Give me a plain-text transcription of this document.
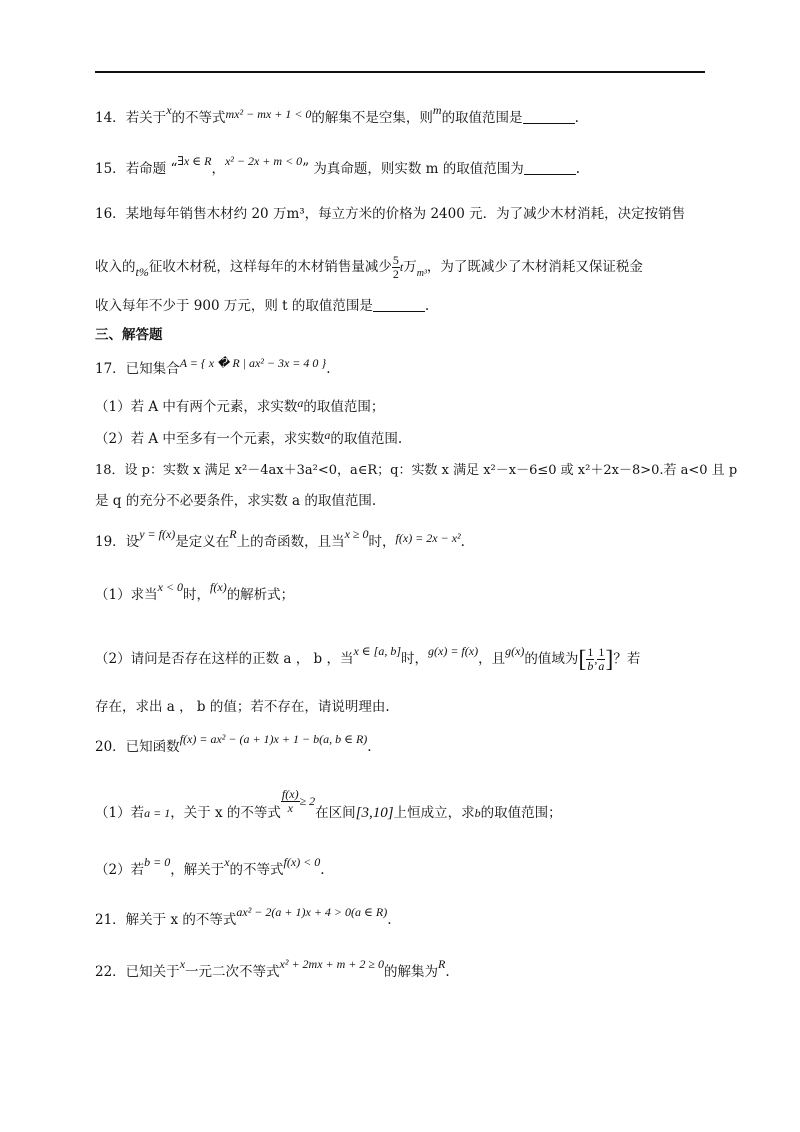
14．若关于x的不等式mx² − mx + 1 < 0的解集不是空集，则m的取值范围是	.
15．若命题 “∃x ∈ R，x² − 2x + m < 0” 为真命题，则实数 m 的取值范围为	.
16．某地每年销售木材约 20 万m³，每立方米的价格为 2400 元．为了减少木材消耗，决定按销售
收入的t%征收木材税，这样每年的木材销售量减少 $\frac{5}{2}$ t万$_{m^3}$，为了既减少了木材消耗又保证税金
收入每年不少于 900 万元，则 t 的取值范围是	.
三、解答题
17．已知集合A = { x � R | ax² − 3x = 4 0 }.
（1）若 A 中有两个元素，求实数a的取值范围；
（2）若 A 中至多有一个元素，求实数a的取值范围.
18．设 p：实数 x 满足 x²－4ax＋3a²<0，a∈R；q：实数 x 满足 x²－x－6≤0 或 x²＋2x－8>0.若 a<0 且 p
是 q 的充分不必要条件，求实数 a 的取值范围.
19．设y = f(x)是定义在R上的奇函数，且当x ≥ 0时，f(x) = 2x − x².
（1）求当x < 0时，f(x)的解析式；
（2）请问是否存在这样的正数 a ， b ，当x ∈ [a, b]时，g(x) = f(x)，且g(x)的值域为[ $\frac{1}{b}$ , $\frac{1}{a}$ ]？若
存在，求出 a ， b 的值；若不存在，请说明理由.
20．已知函数f(x) = ax² − (a + 1)x + 1 − b(a, b ∈ R).
（1）若a = 1，关于 x 的不等式 $\frac{f(x)}{x} \ge 2$在区间[3,10]上恒成立，求b的取值范围；
（2）若b = 0，解关于x的不等式f(x) < 0.
21．解关于 x 的不等式ax² − 2(a + 1)x + 4 > 0(a ∈ R).
22．已知关于x一元二次不等式x² + 2mx + m + 2 ≥ 0的解集为R.
